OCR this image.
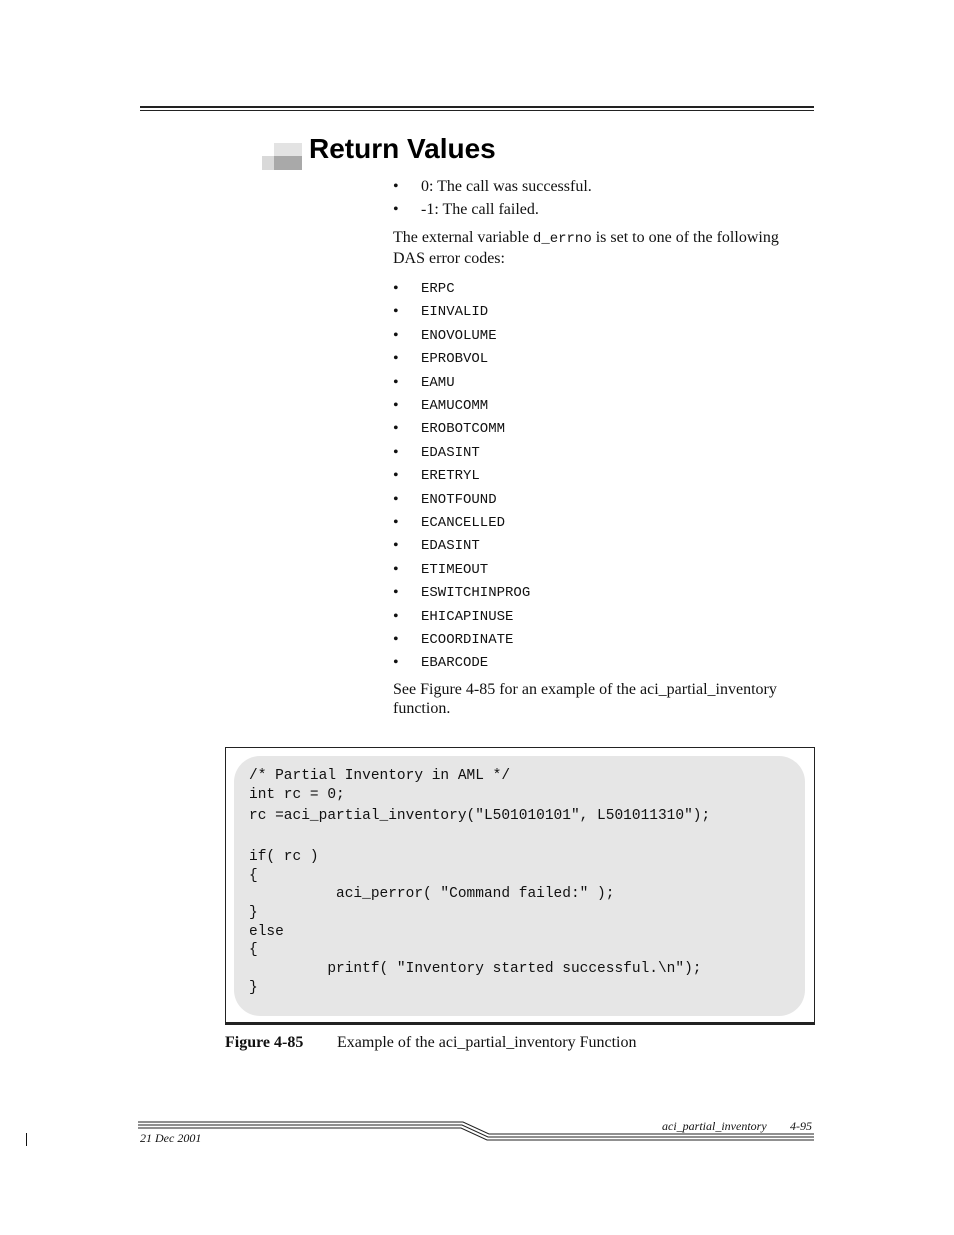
Return Values
• 0: The call was successful.
• -1: The call failed.
The external variable d_errno is set to one of the following
DAS error codes:
• ERPC
• EINVALID
• ENOVOLUME
• EPROBVOL
• EAMU
• EAMUCOMM
• EROBOTCOMM
• EDASINT
• ERETRYL
• ENOTFOUND
• ECANCELLED
• EDASINT
• ETIMEOUT
• ESWITCHINPROG
• EHICAPINUSE
• ECOORDINATE
• EBARCODE
See Figure 4-85 for an example of the aci_partial_inventory
function.
/* Partial Inventory in AML */
int rc = 0;
rc =aci_partial_inventory("L501010101", L501011310");
if( rc )
{
aci_perror( "Command failed:" );
}
else
{
printf( "Inventory started successful.\n");
}
Figure 4-85 Example of the aci_partial_inventory Function
aci_partial_inventory 4-95
21 Dec 2001
